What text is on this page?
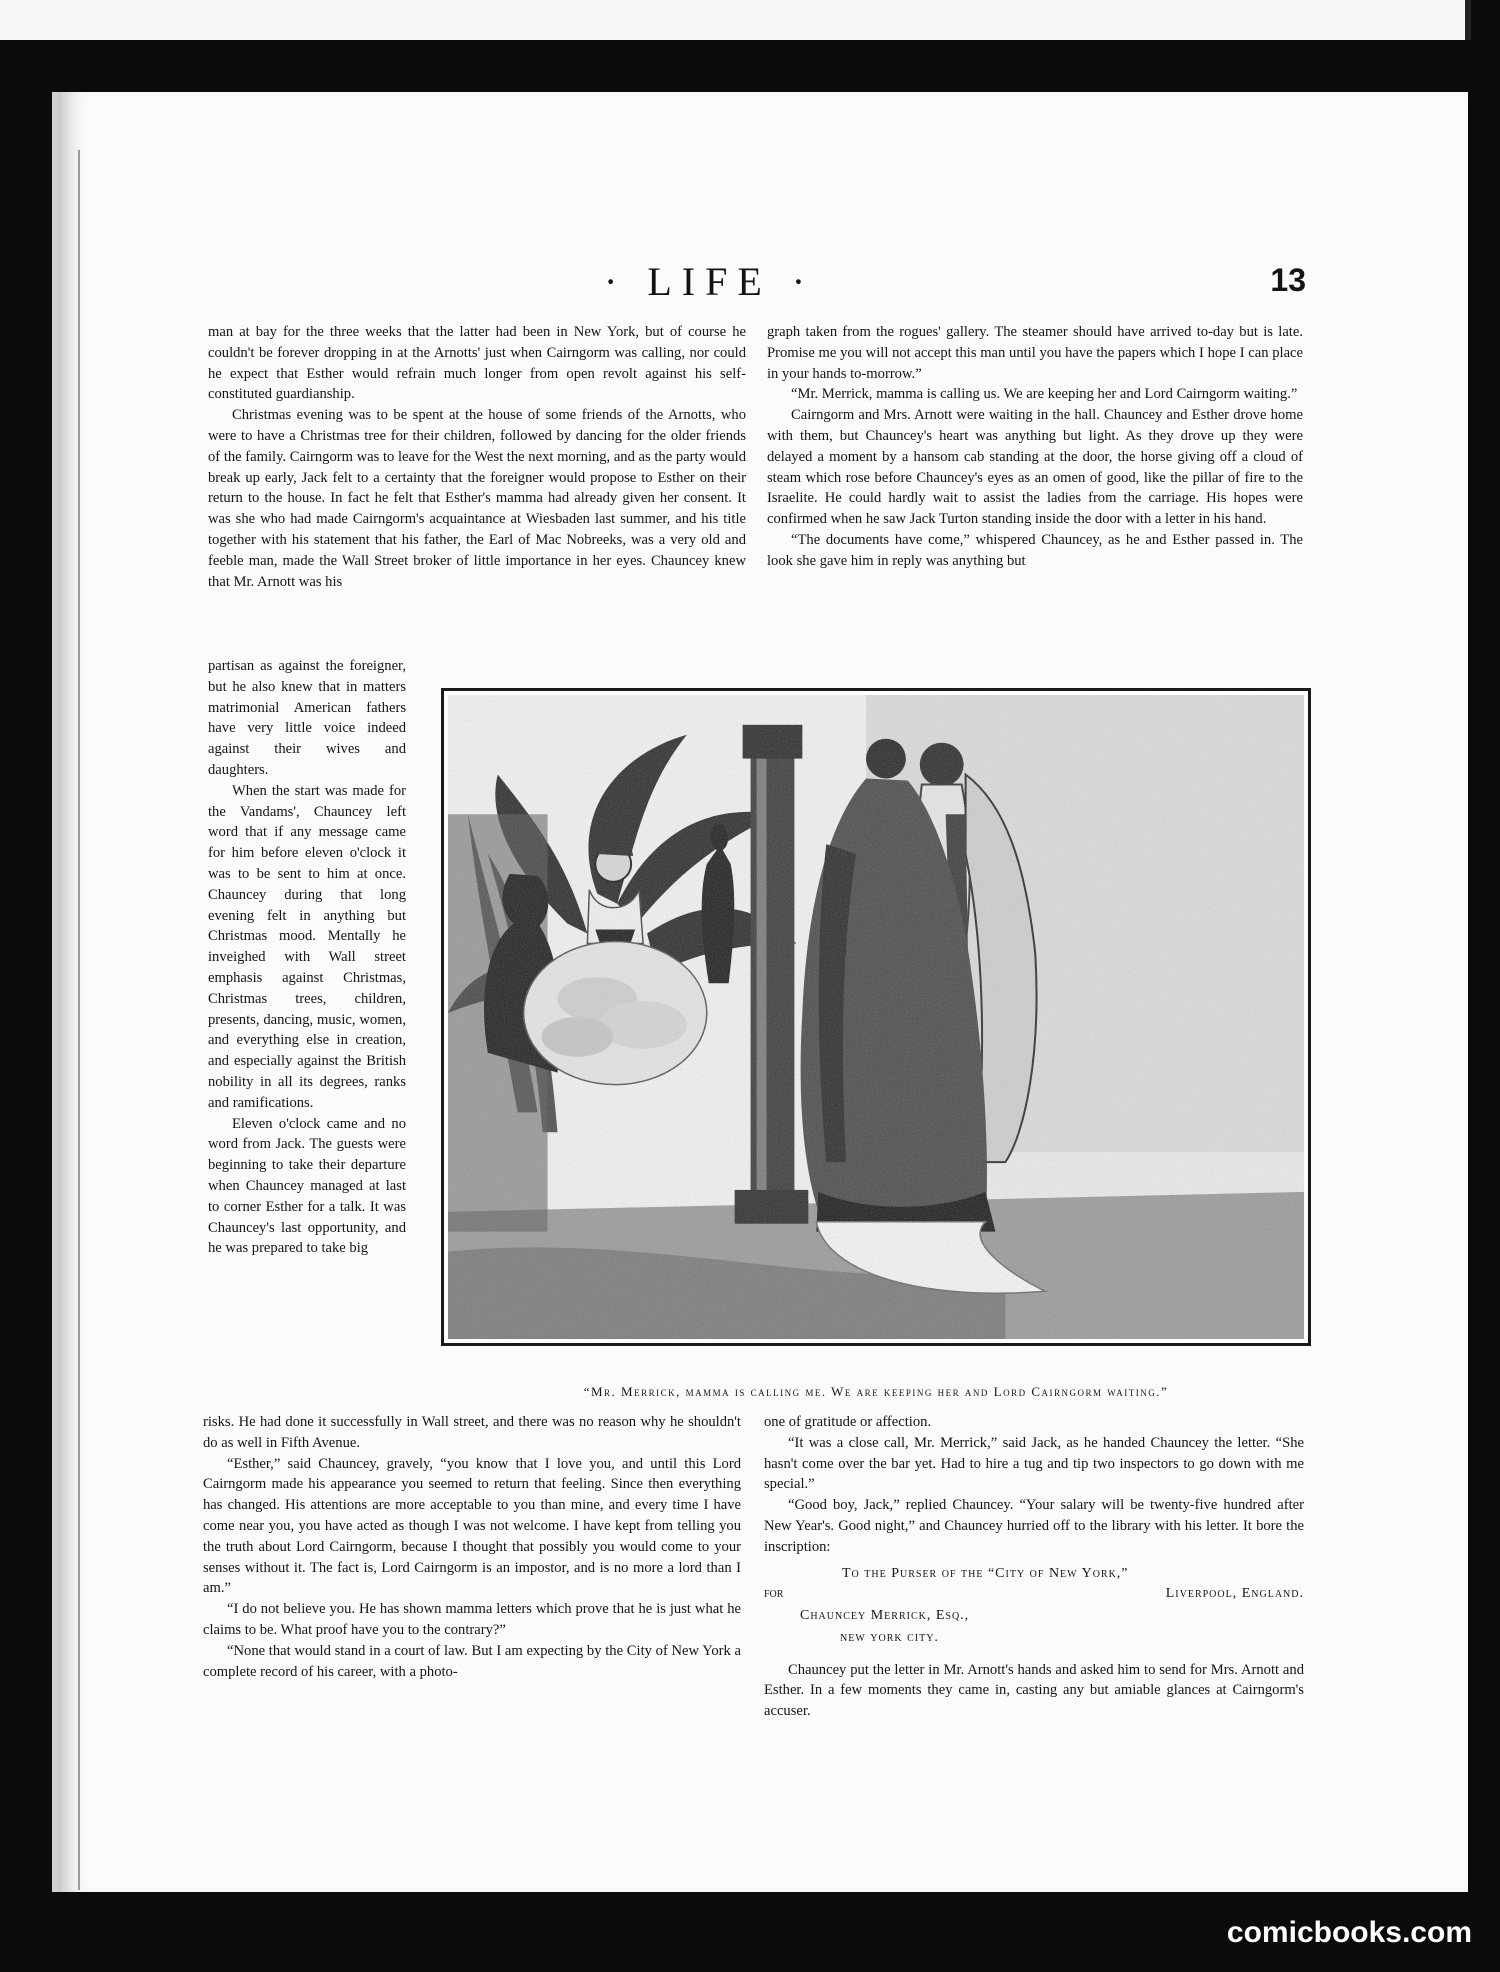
· LIFE ·	13

man at bay for the three weeks that the latter had been in New York, but of course he couldn't be forever dropping in at the Arnotts' just when Cairngorm was calling, nor could he expect that Esther would refrain much longer from open revolt against his self-constituted guardianship.

Christmas evening was to be spent at the house of some friends of the Arnotts, who were to have a Christmas tree for their children, followed by dancing for the older friends of the family. Cairngorm was to leave for the West the next morning, and as the party would break up early, Jack felt to a certainty that the foreigner would propose to Esther on their return to the house. In fact he felt that Esther's mamma had already given her consent. It was she who had made Cairngorm's acquaintance at Wiesbaden last summer, and his title together with his statement that his father, the Earl of Mac Nobreeks, was a very old and feeble man, made the Wall Street broker of little importance in her eyes. Chauncey knew that Mr. Arnott was his

partisan as against the foreigner, but he also knew that in matters matrimonial American fathers have very little voice indeed against their wives and daughters.

When the start was made for the Vandams', Chauncey left word that if any message came for him before eleven o'clock it was to be sent to him at once. Chauncey during that long evening felt in anything but Christmas mood. Mentally he inveighed with Wall street emphasis against Christmas, Christmas trees, children, presents, dancing, music, women, and everything else in creation, and especially against the British nobility in all its degrees, ranks and ramifications.

Eleven o'clock came and no word from Jack. The guests were beginning to take their departure when Chauncey managed at last to corner Esther for a talk. It was Chauncey's last opportunity, and he was prepared to take big

risks. He had done it successfully in Wall street, and there was no reason why he shouldn't do as well in Fifth Avenue.

“Esther,” said Chauncey, gravely, “you know that I love you, and until this Lord Cairngorm made his appearance you seemed to return that feeling. Since then everything has changed. His attentions are more acceptable to you than mine, and every time I have come near you, you have acted as though I was not welcome. I have kept from telling you the truth about Lord Cairngorm, because I thought that possibly you would come to your senses without it. The fact is, Lord Cairngorm is an impostor, and is no more a lord than I am.”

“I do not believe you. He has shown mamma letters which prove that he is just what he claims to be. What proof have you to the contrary?”

“None that would stand in a court of law. But I am expecting by the City of New York a complete record of his career, with a photo-

graph taken from the rogues' gallery. The steamer should have arrived to-day but is late. Promise me you will not accept this man until you have the papers which I hope I can place in your hands to-morrow.”

“Mr. Merrick, mamma is calling us. We are keeping her and Lord Cairngorm waiting.”

Cairngorm and Mrs. Arnott were waiting in the hall. Chauncey and Esther drove home with them, but Chauncey's heart was anything but light. As they drove up they were delayed a moment by a hansom cab standing at the door, the horse giving off a cloud of steam which rose before Chauncey's eyes as an omen of good, like the pillar of fire to the Israelite. He could hardly wait to assist the ladies from the carriage. His hopes were confirmed when he saw Jack Turton standing inside the door with a letter in his hand.

“The documents have come,” whispered Chauncey, as he and Esther passed in. The look she gave him in reply was anything but

one of gratitude or affection.

“It was a close call, Mr. Merrick,” said Jack, as he handed Chauncey the letter. “She hasn't come over the bar yet. Had to hire a tug and tip two inspectors to go down with me special.”

“Good boy, Jack,” replied Chauncey. “Your salary will be twenty-five hundred after New Year's. Good night,” and Chauncey hurried off to the library with his letter. It bore the inscription:

To the Purser of the “City of New York,”
for	Liverpool, England.
Chauncey Merrick, Esq.,
new york city.

Chauncey put the letter in Mr. Arnott's hands and asked him to send for Mrs. Arnott and Esther. In a few moments they came in, casting any but amiable glances at Cairngorm's accuser.

“Mr. Merrick, mamma is calling me. We are keeping her and Lord Cairngorm waiting.”
comicbooks.com
